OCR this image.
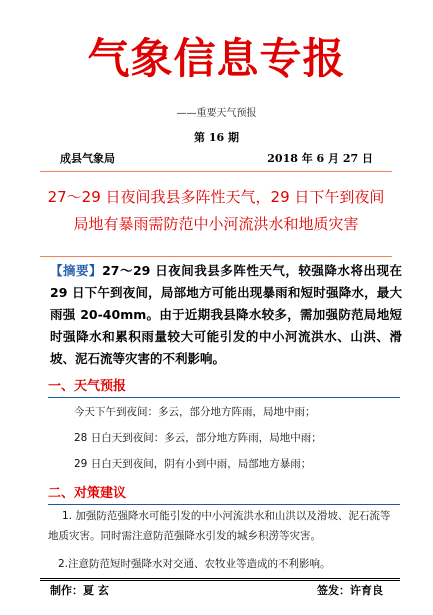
气象信息专报
——重要天气预报
第 16 期
成县气象局	2018 年 6 月 27 日
27～29 日夜间我县多阵性天气，29 日下午到夜间
局地有暴雨需防范中小河流洪水和地质灾害
【摘要】27～29 日夜间我县多阵性天气，较强降水将出现在 29 日下午到夜间，局部地方可能出现暴雨和短时强降水，最大雨强 20-40mm。由于近期我县降水较多，需加强防范局地短时强降水和累积雨量较大可能引发的中小河流洪水、山洪、滑坡、泥石流等灾害的不利影响。
一、天气预报
今天下午到夜间：多云，部分地方阵雨，局地中雨；
28 日白天到夜间：多云，部分地方阵雨，局地中雨；
29 日白天到夜间，阴有小到中雨，局部地方暴雨；
二、对策建议
1. 加强防范强降水可能引发的中小河流洪水和山洪以及滑坡、泥石流等地质灾害。同时需注意防范强降水引发的城乡积涝等灾害。
2.注意防范短时强降水对交通、农牧业等造成的不利影响。
制作：夏 玄	签发：许育良
